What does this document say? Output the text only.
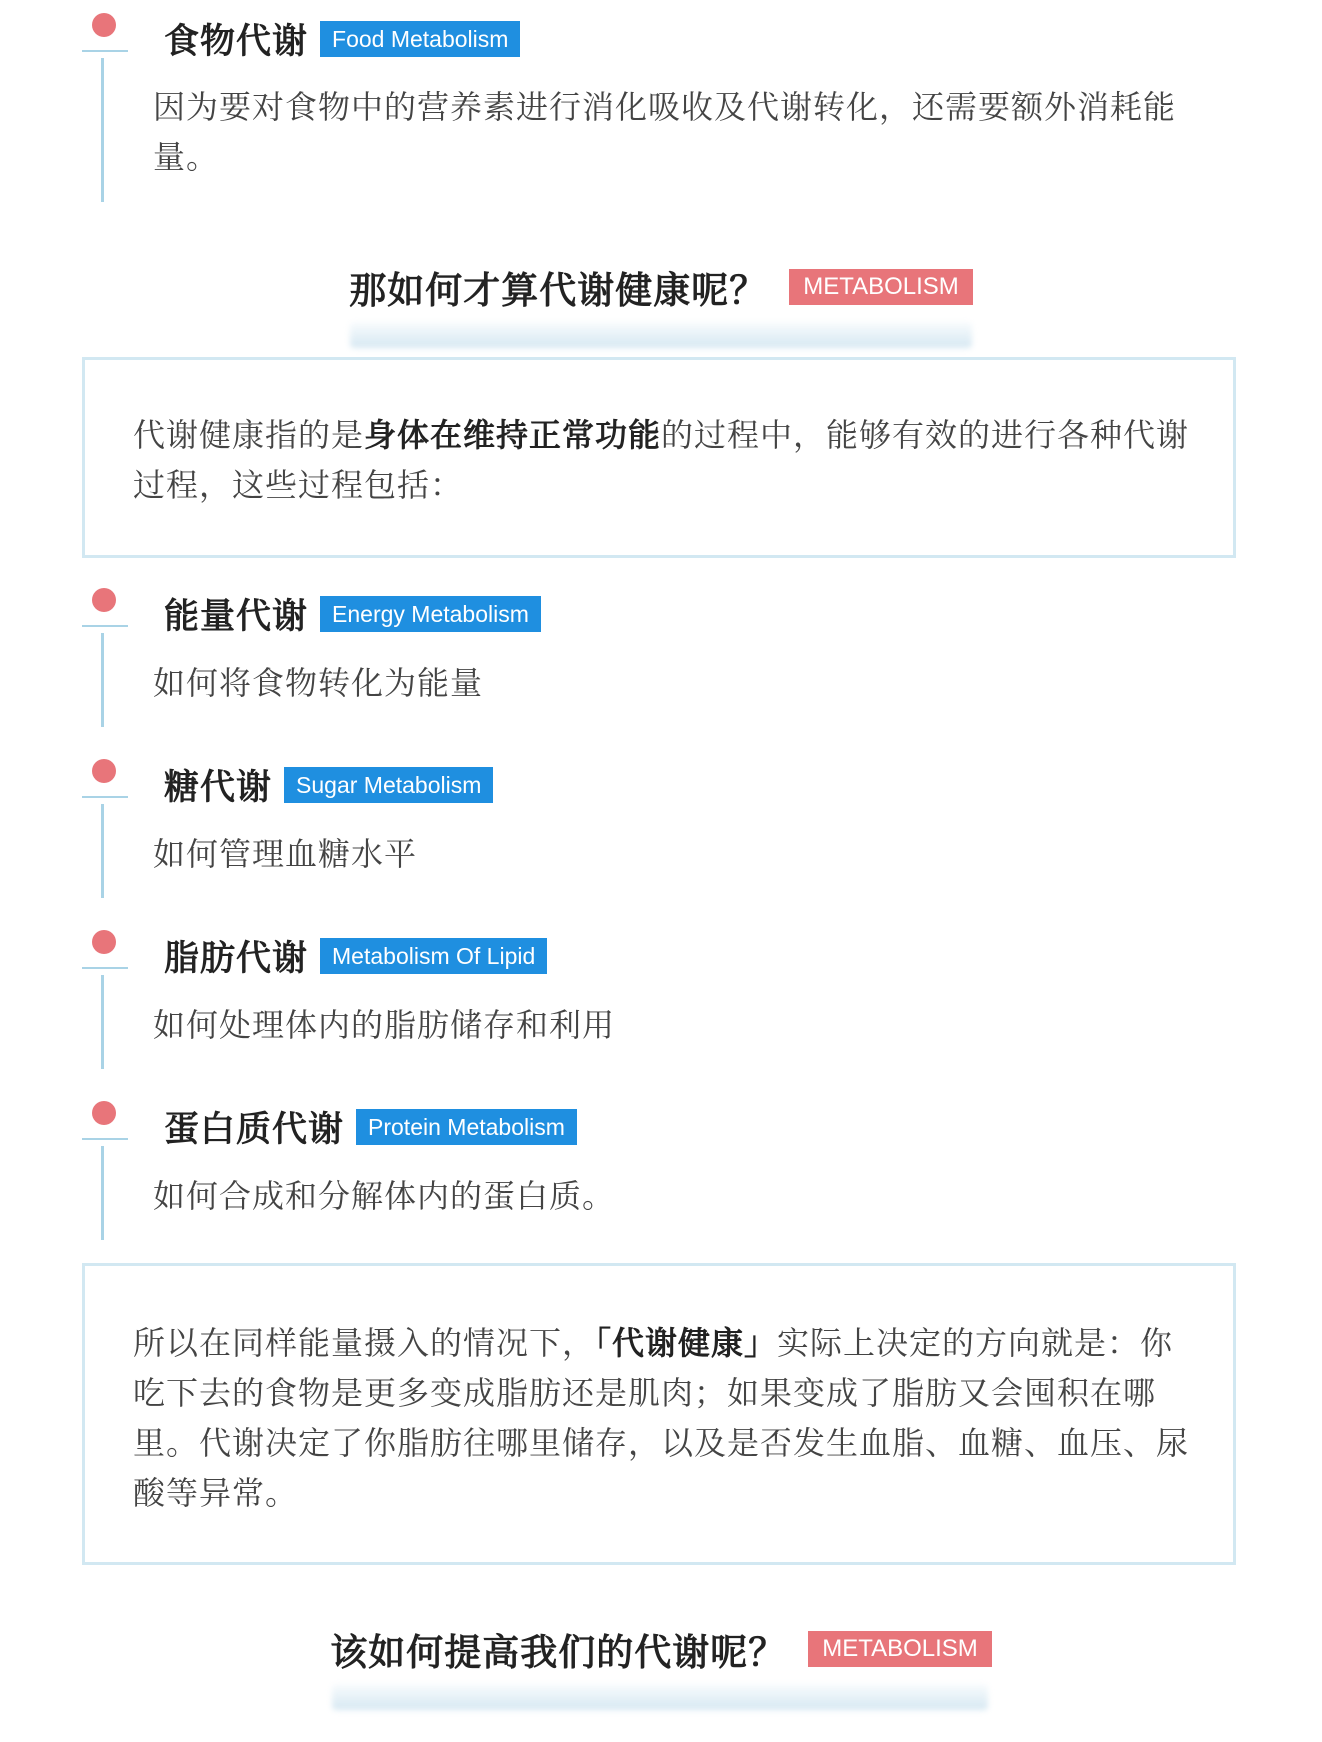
食物代谢	Food Metabolism
因为要对食物中的营养素进行消化吸收及代谢转化，还需要额外消耗能量。
那如何才算代谢健康呢？	METABOLISM
代谢健康指的是身体在维持正常功能的过程中，能够有效的进行各种代谢过程，这些过程包括：
能量代谢	Energy Metabolism
如何将食物转化为能量
糖代谢	Sugar Metabolism
如何管理血糖水平
脂肪代谢	Metabolism Of Lipid
如何处理体内的脂肪储存和利用
蛋白质代谢	Protein Metabolism
如何合成和分解体内的蛋白质。
所以在同样能量摄入的情况下，「代谢健康」实际上决定的方向就是：你吃下去的食物是更多变成脂肪还是肌肉；如果变成了脂肪又会囤积在哪里。代谢决定了你脂肪往哪里储存，以及是否发生血脂、血糖、血压、尿酸等异常。
该如何提高我们的代谢呢？	METABOLISM
